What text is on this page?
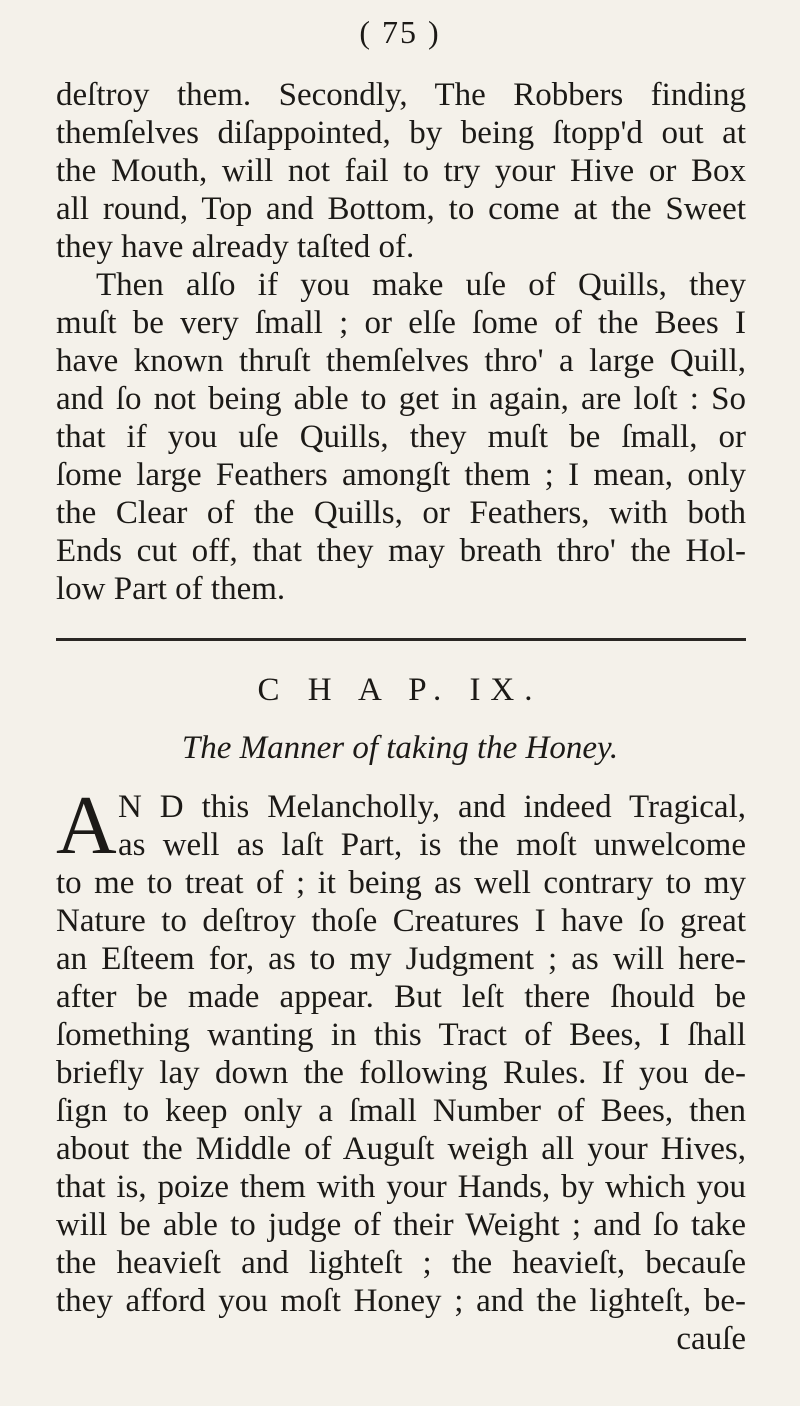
( 75 )
deſtroy them. Secondly, The Robbers finding
themſelves diſappointed, by being ſtopp'd out at
the Mouth, will not fail to try your Hive or Box
all round, Top and Bottom, to come at the Sweet
they have already taſted of.
Then alſo if you make uſe of Quills, they
muſt be very ſmall ; or elſe ſome of the Bees I
have known thruſt themſelves thro' a large Quill,
and ſo not being able to get in again, are loſt : So
that if you uſe Quills, they muſt be ſmall, or
ſome large Feathers amongſt them ; I mean, only
the Clear of the Quills, or Feathers, with both
Ends cut off, that they may breath thro' the Hol-
low Part of them.
C H A P. IX.
The Manner of taking the Honey.
A N D this Melancholly, and indeed Tragical,
as well as laſt Part, is the moſt unwelcome
to me to treat of ; it being as well contrary to my
Nature to deſtroy thoſe Creatures I have ſo great
an Eſteem for, as to my Judgment ; as will here-
after be made appear. But leſt there ſhould be
ſomething wanting in this Tract of Bees, I ſhall
briefly lay down the following Rules. If you de-
ſign to keep only a ſmall Number of Bees, then
about the Middle of Auguſt weigh all your Hives,
that is, poize them with your Hands, by which you
will be able to judge of their Weight ; and ſo take
the heavieſt and lighteſt ; the heavieſt, becauſe
they afford you moſt Honey ; and the lighteſt, be-
cauſe
